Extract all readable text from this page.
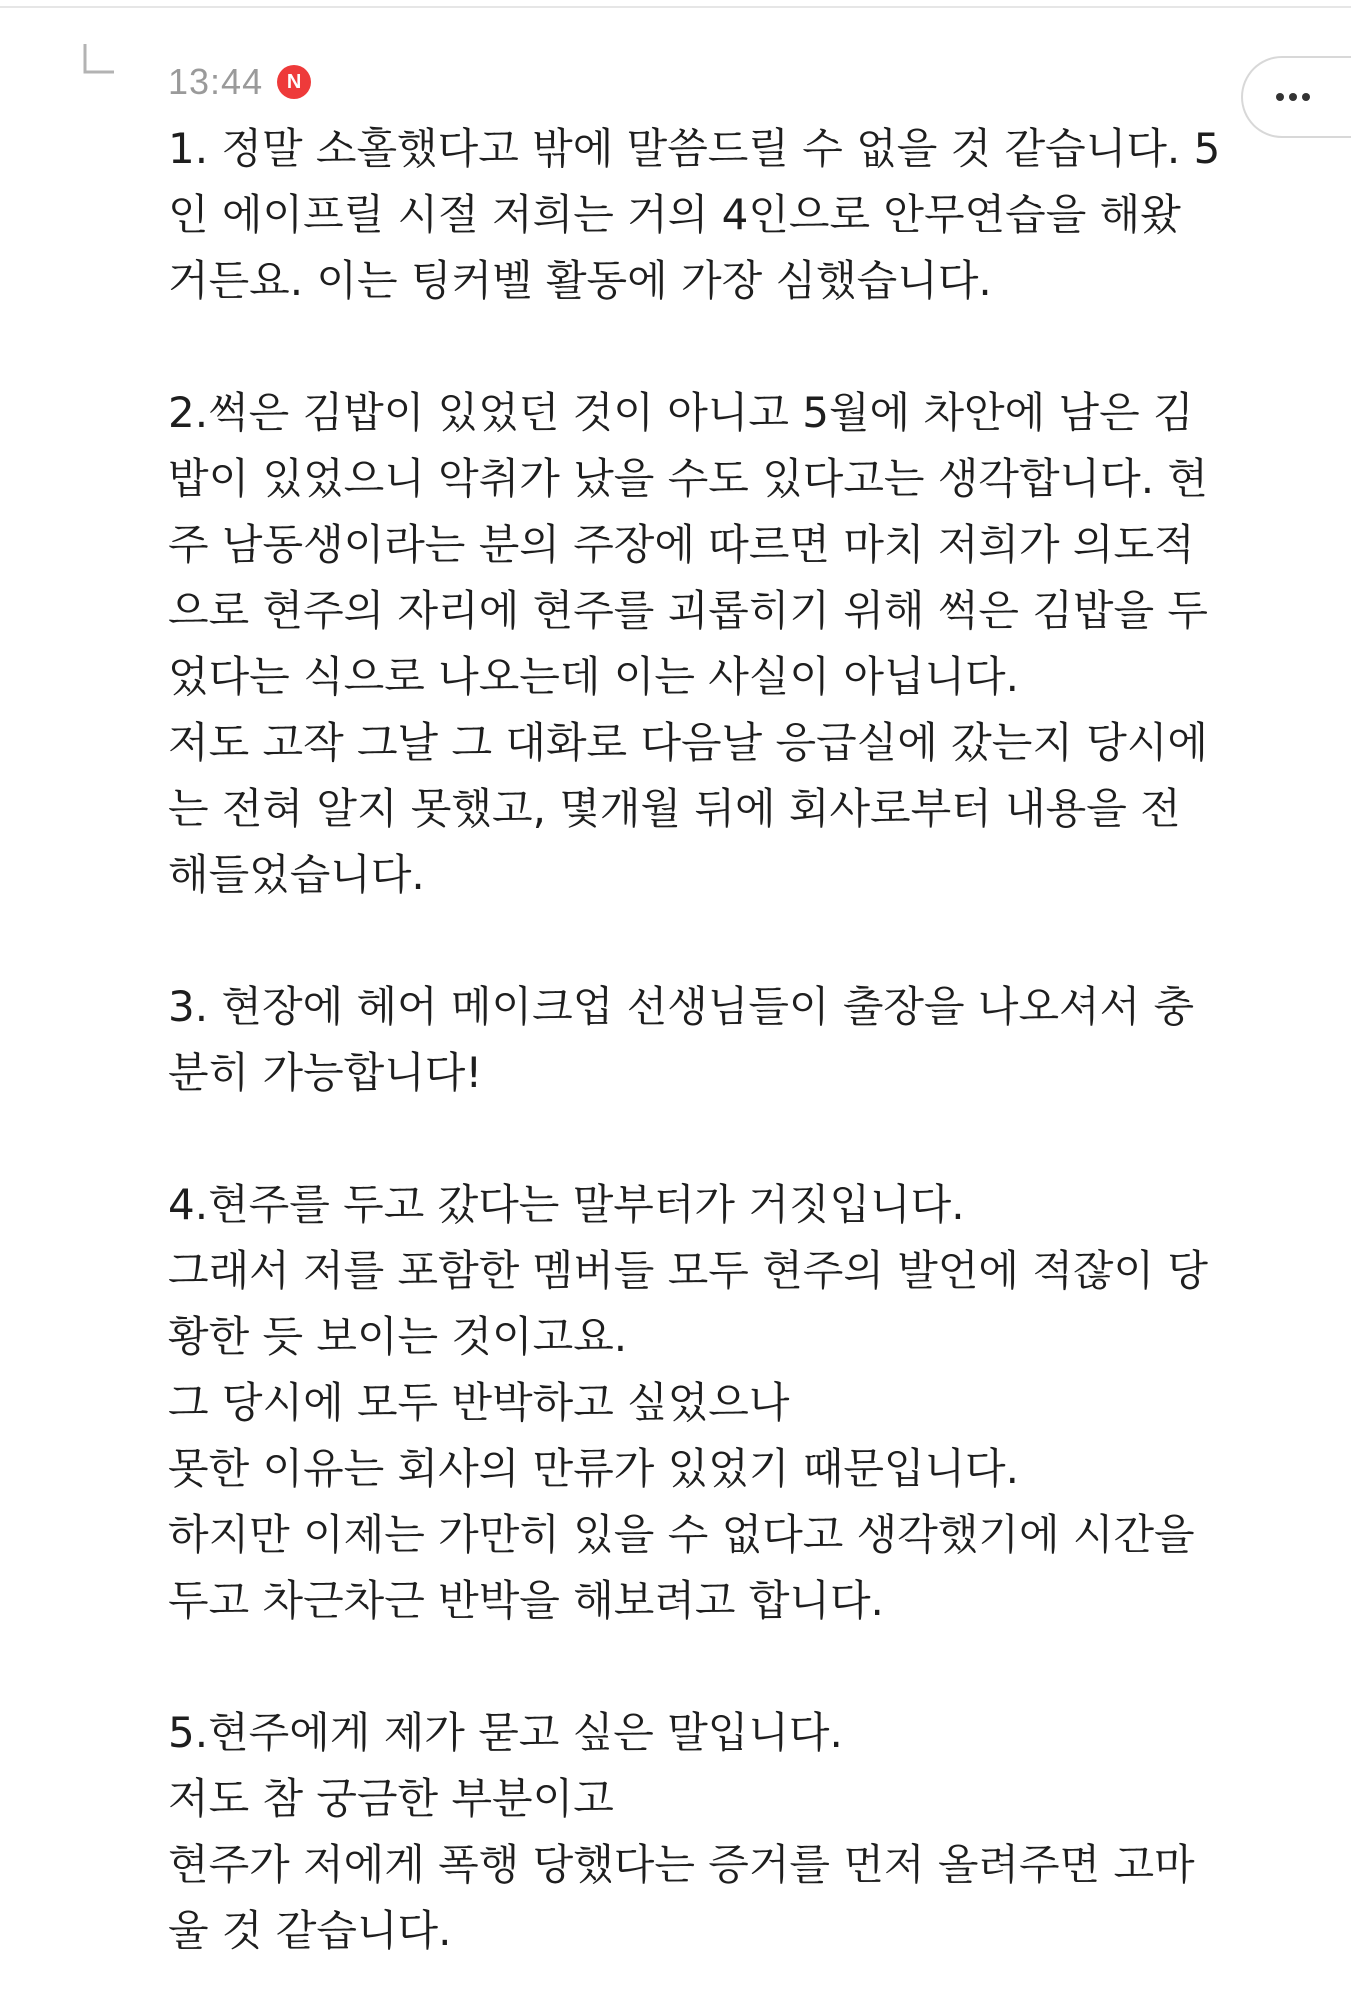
13:44	N

1. 정말 소홀했다고 밖에 말씀드릴 수 없을 것 같습니다. 5
인 에이프릴 시절 저희는 거의 4인으로 안무연습을 해왔
거든요. 이는 팅커벨 활동에 가장 심했습니다.

2.썩은 김밥이 있었던 것이 아니고 5월에 차안에 남은 김
밥이 있었으니 악취가 났을 수도 있다고는 생각합니다. 현
주 남동생이라는 분의 주장에 따르면 마치 저희가 의도적
으로 현주의 자리에 현주를 괴롭히기 위해 썩은 김밥을 두
었다는 식으로 나오는데 이는 사실이 아닙니다.
저도 고작 그날 그 대화로 다음날 응급실에 갔는지 당시에
는 전혀 알지 못했고, 몇개월 뒤에 회사로부터 내용을 전
해들었습니다.

3. 현장에 헤어 메이크업 선생님들이 출장을 나오셔서 충
분히 가능합니다!

4.현주를 두고 갔다는 말부터가 거짓입니다.
그래서 저를 포함한 멤버들 모두 현주의 발언에 적잖이 당
황한 듯 보이는 것이고요.
그 당시에 모두 반박하고 싶었으나
못한 이유는 회사의 만류가 있었기 때문입니다.
하지만 이제는 가만히 있을 수 없다고 생각했기에 시간을
두고 차근차근 반박을 해보려고 합니다.

5.현주에게 제가 묻고 싶은 말입니다.
저도 참 궁금한 부분이고
현주가 저에게 폭행 당했다는 증거를 먼저 올려주면 고마
울 것 같습니다.
